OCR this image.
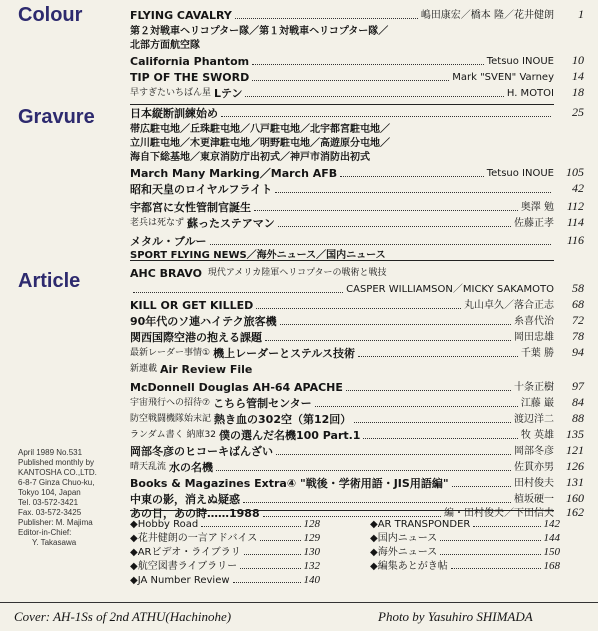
Colour
Gravure
Article
FLYING CAVALRY	嶋田康宏／橋本 隆／花井健朗	1
第２対戦車ヘリコプター隊／第１対戦車ヘリコプター隊／
北部方面航空隊
California Phantom	Tetsuo INOUE	10
TIP OF THE SWORD	Mark "SVEN" Varney	14
早すぎたいちばん星 Lテン	H. MOTOI	18
日本縦断訓練始め	25
帯広駐屯地／丘珠駐屯地／八戸駐屯地／北宇都宮駐屯地／
立川駐屯地／木更津駐屯地／明野駐屯地／高遊原分屯地／
海自下総基地／東京消防庁出初式／神戸市消防出初式
March Many Marking／March AFB	Tetsuo INOUE	105
昭和天皇のロイヤルフライト	42
宇都宮に女性管制官誕生	奥澤 勉	112
老兵は死なず 蘇ったステアマン	佐藤正孝	114
メタル・ブルー	116
SPORT FLYING NEWS／海外ニュース／国内ニュース
AHC BRAVO 現代アメリカ陸軍ヘリコプターの戦術と戦技
CASPER WILLIAMSON／MICKY SAKAMOTO	58
KILL OR GET KILLED	丸山卓久／落合正志	68
90年代のソ連ハイテク旅客機	糸喜代治	72
関西国際空港の抱える課題	岡田忠雄	78
最新レーダー事情① 機上レーダーとステルス技術	千葉 勝	94
新連載 Air Review File
McDonnell Douglas AH-64 APACHE	十条正樹	97
宇宙飛行への招待⑦ こちら管制センター	江藤 巌	84
防空戦闘機隊始末記 熱き血の302空（第12回）	渡辺洋二	88
ランダム書く 納庫32 僕の選んだ名機100 Part.1	牧 英雄	135
岡部冬彦のヒコーキばんざい	岡部冬彦	121
晴天乱流 水の名機	佐貫亦男	126
Books & Magazines Extra④ "戦後・学術用語・JIS用語編"	田村俊夫	131
中東の影，消えぬ疑惑	植坂硬一	160
あの日，あの時……1988	編・田村俊夫／下田信夫	162
◆ Hobby Road	128
◆ 花井健朗の一言アドバイス	129
◆ ARビデオ・ライブラリ	130
◆ 航空図書ライブラリー	132
◆ JA Number Review	140
◆ AR TRANSPONDER	142
◆ 国内ニュース	144
◆ 海外ニュース	150
◆ 編集あとがき帖	168
April 1989 No.531
Published monthly by
KANTOSHA CO.,LTD.
6-8-7 Ginza Chuo-ku,
Tokyo 104, Japan
Tel. 03-572-3421
Fax. 03-572-3425
Publisher: M. Majima
Editor-in-Chief:
Y. Takasawa
Cover: AH-1Ss of 2nd ATHU(Hachinohe)	Photo by Yasuhiro SHIMADA
